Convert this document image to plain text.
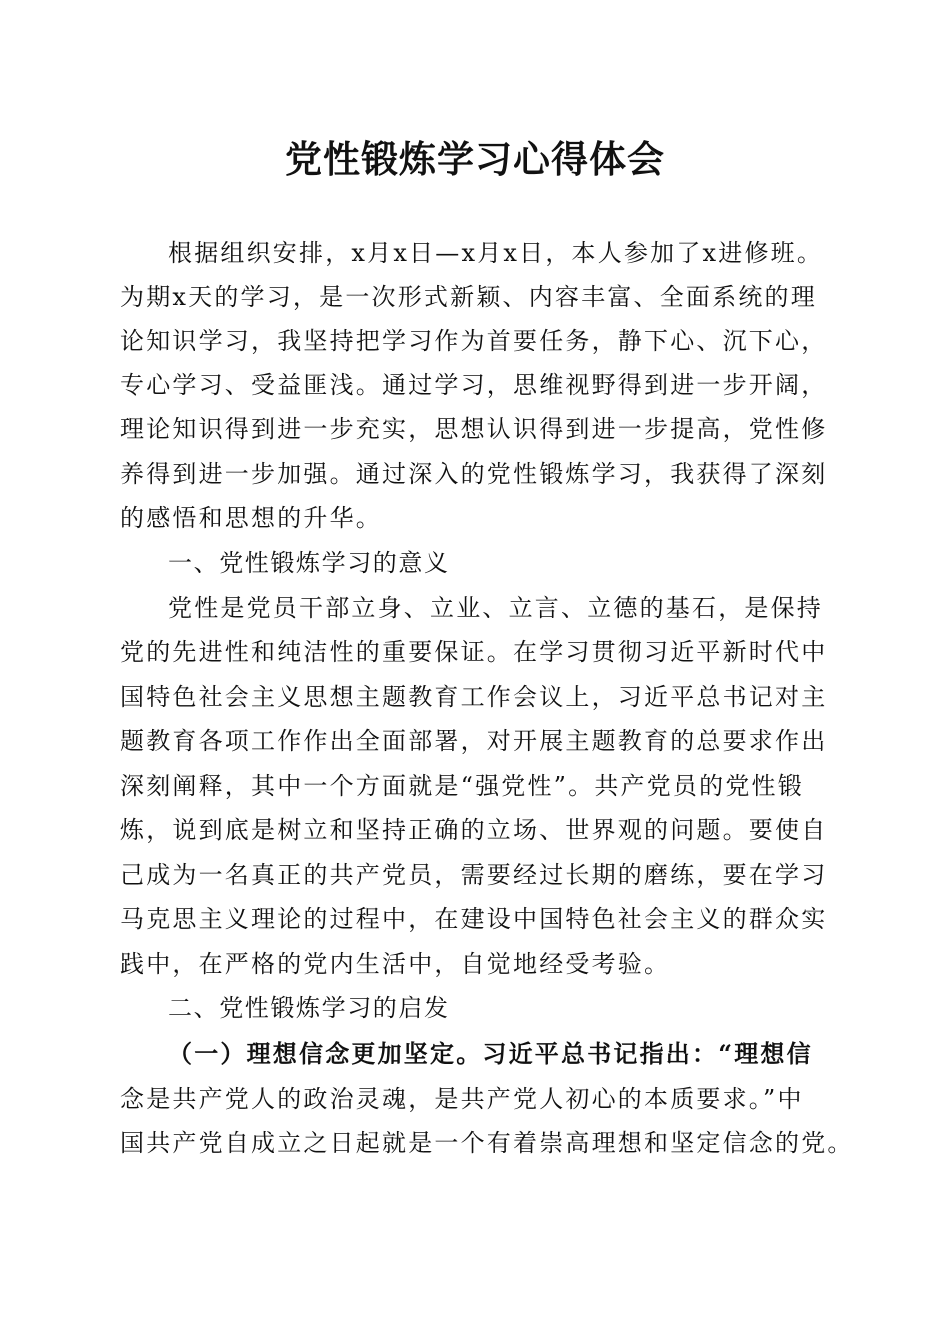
党性锻炼学习心得体会
根据组织安排，x月x日—x月x日，本人参加了x进修班。
为期x天的学习，是一次形式新颖、内容丰富、全面系统的理
论知识学习，我坚持把学习作为首要任务，静下心、沉下心，
专心学习、受益匪浅。通过学习，思维视野得到进一步开阔，
理论知识得到进一步充实，思想认识得到进一步提高，党性修
养得到进一步加强。通过深入的党性锻炼学习，我获得了深刻
的感悟和思想的升华。
一、党性锻炼学习的意义
党性是党员干部立身、立业、立言、立德的基石，是保持
党的先进性和纯洁性的重要保证。在学习贯彻习近平新时代中
国特色社会主义思想主题教育工作会议上，习近平总书记对主
题教育各项工作作出全面部署，对开展主题教育的总要求作出
深刻阐释，其中一个方面就是“强党性”。共产党员的党性锻
炼，说到底是树立和坚持正确的立场、世界观的问题。要使自
己成为一名真正的共产党员，需要经过长期的磨练，要在学习
马克思主义理论的过程中，在建设中国特色社会主义的群众实
践中，在严格的党内生活中，自觉地经受考验。
二、党性锻炼学习的启发
（一）理想信念更加坚定。习近平总书记指出：“理想信
念是共产党人的政治灵魂，是共产党人初心的本质要求。”中
国共产党自成立之日起就是一个有着崇高理想和坚定信念的党。
